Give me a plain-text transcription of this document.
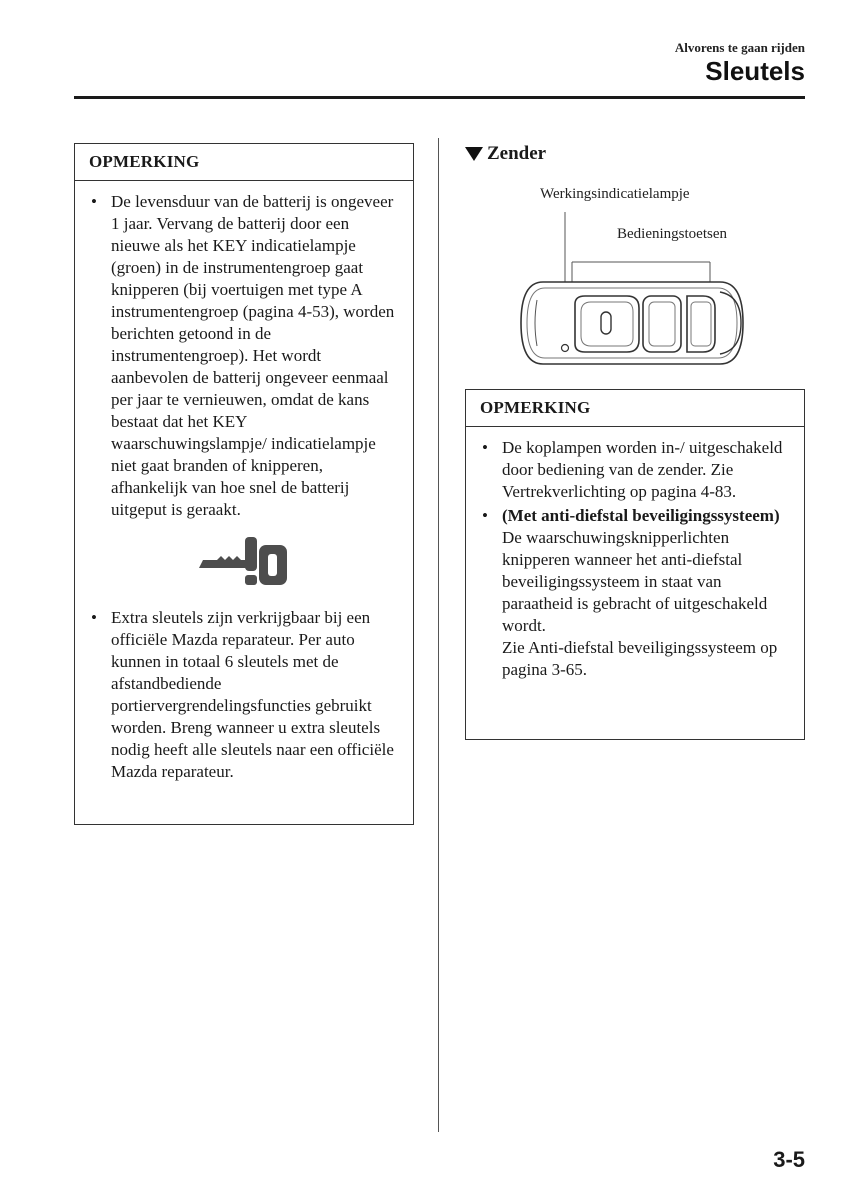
Alvorens te gaan rijden
Sleutels
OPMERKING
• De levensduur van de batterij is ongeveer 1 jaar. Vervang de batterij door een nieuwe als het KEY indicatielampje (groen) in de instrumentengroep gaat knipperen (bij voertuigen met type A instrumentengroep (pagina 4-53), worden berichten getoond in de instrumentengroep). Het wordt aanbevolen de batterij ongeveer eenmaal per jaar te vernieuwen, omdat de kans bestaat dat het KEY waarschuwingslampje/ indicatielampje niet gaat branden of knipperen, afhankelijk van hoe snel de batterij uitgeput is geraakt.
• Extra sleutels zijn verkrijgbaar bij een officiële Mazda reparateur. Per auto kunnen in totaal 6 sleutels met de afstandbediende portiervergrendelingsfuncties gebruikt worden. Breng wanneer u extra sleutels nodig heeft alle sleutels naar een officiële Mazda reparateur.
Zender
Werkingsindicatielampje
Bedieningstoetsen
OPMERKING
• De koplampen worden in-/ uitgeschakeld door bediening van de zender. Zie Vertrekverlichting op pagina 4-83.
• (Met anti-diefstal beveiligingssysteem)
De waarschuwingsknipperlichten knipperen wanneer het anti-diefstal beveiligingssysteem in staat van paraatheid is gebracht of uitgeschakeld wordt.
Zie Anti-diefstal beveiligingssysteem op pagina 3-65.
3-5
